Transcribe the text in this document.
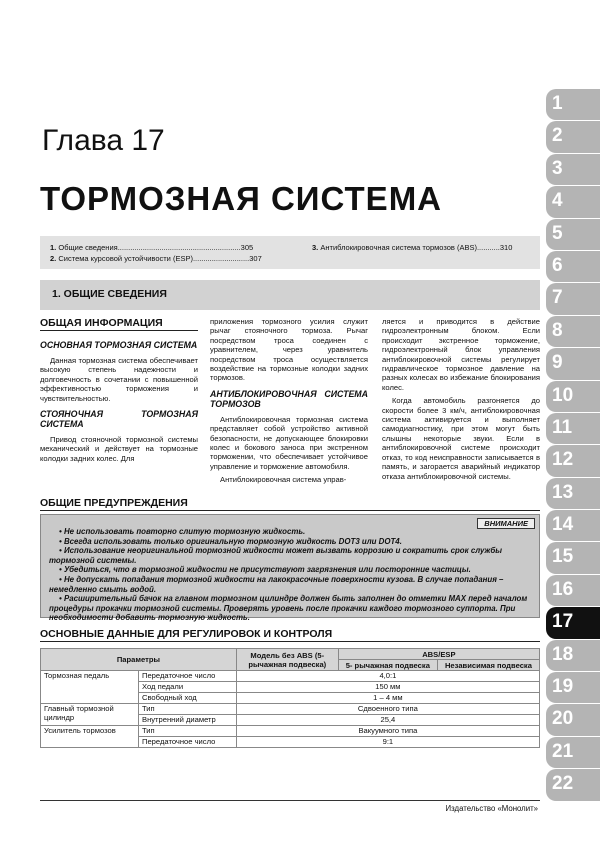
Глава 17
ТОРМОЗНАЯ СИСТЕМА
1. Общие сведения...........................................................305
2. Система курсовой устойчивости (ESP)...........................307
3. Антиблокировочная система тормозов (ABS)...........310
1. ОБЩИЕ СВЕДЕНИЯ
ОБЩАЯ ИНФОРМАЦИЯ
ОСНОВНАЯ ТОРМОЗНАЯ СИСТЕМА

Данная тормозная система обеспечивает высокую степень надежности и долговечность в сочетании с повышенной эффективностью торможения и чувствительностью.

СТОЯНОЧНАЯ ТОРМОЗНАЯ СИСТЕМА

Привод стояночной тормозной системы механический и действует на тормозные колодки задних колес. Для

приложения тормозного усилия служит рычаг стояночного тормоза. Рычаг посредством троса соединен с уравнителем, через уравнитель посредством троса осуществляется воздействие на тормозные колодки задних тормозов.

АНТИБЛОКИРОВОЧНАЯ СИСТЕМА ТОРМОЗОВ

Антиблокировочная тормозная система представляет собой устройство активной безопасности, не допускающее блокировки колес и бокового заноса при экстренном торможении, что обеспечивает устойчивое управление и торможение автомобиля.

Антиблокировочная система управ-

ляется и приводится в действие гидроэлектронным блоком. Если происходит экстренное торможение, гидроэлектронный блок управления антиблокировочной системы регулирует гидравлическое тормозное давление на разных колесах во избежание блокирования колес.

Когда автомобиль разгоняется до скорости более 3 км/ч, антиблокировочная система активируется и выполняет самодиагностику, при этом могут быть слышны некоторые звуки. Если в антиблокировочной системе происходит отказ, то код неисправности записывается в память, и загорается аварийный индикатор отказа антиблокировочной системы.

ОБЩИЕ ПРЕДУПРЕЖДЕНИЯ
ВНИМАНИЕ
• Не использовать повторно слитую тормозную жидкость.
• Всегда использовать только оригинальную тормозную жидкость DOT3 или DOT4.
• Использование неоригинальной тормозной жидкости может вызвать коррозию и сократить срок службы тормозной системы.
• Убедиться, что в тормозной жидкости не присутствуют загрязнения или посторонние частицы.
• Не допускать попадания тормозной жидкости на лакокрасочные поверхности кузова. В случае попадания – немедленно смыть водой.
• Расширительный бачок на главном тормозном цилиндре должен быть заполнен до отметки MAX перед началом процедуры прокачки тормозной системы. Проверять уровень после прокачки каждого тормозного суппорта. При необходимости добавить тормозную жидкость.
ОСНОВНЫЕ ДАННЫЕ ДЛЯ РЕГУЛИРОВОК И КОНТРОЛЯ
Параметры		Модель без ABS (5- рычажная подвеска)	ABS/ESP	
			5- рычажная подвеска	Независимая подвеска
Тормозная педаль	Передаточное число	4,0:1		
	Ход педали	150 мм		
	Свободный ход	1 – 4 мм		
Главный тормозной цилиндр	Тип	Сдвоенного типа		
	Внутренний диаметр	25,4		
Усилитель тормозов	Тип	Вакуумного типа		
	Передаточное число	9:1		
1
2
3
4
5
6
7
8
9
10
11
12
13
14
15
16
17
18
19
20
21
22
Издательство «Монолит»
